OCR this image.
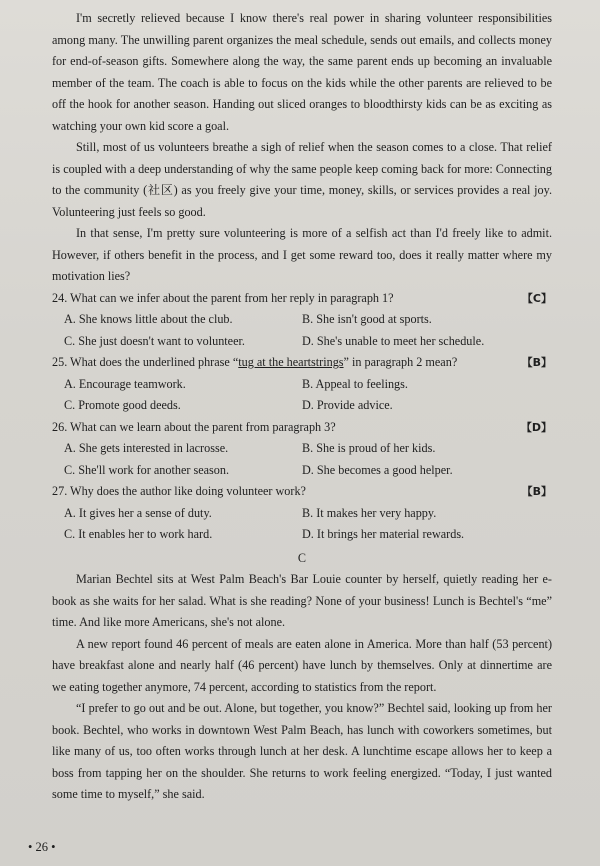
I'm secretly relieved because I know there's real power in sharing volunteer responsibilities among many. The unwilling parent organizes the meal schedule, sends out emails, and collects money for end-of-season gifts. Somewhere along the way, the same parent ends up becoming an invaluable member of the team. The coach is able to focus on the kids while the other parents are relieved to be off the hook for another season. Handing out sliced oranges to bloodthirsty kids can be as exciting as watching your own kid score a goal.

Still, most of us volunteers breathe a sigh of relief when the season comes to a close. That relief is coupled with a deep understanding of why the same people keep coming back for more: Connecting to the community (社区) as you freely give your time, money, skills, or services provides a real joy. Volunteering just feels so good.

In that sense, I'm pretty sure volunteering is more of a selfish act than I'd freely like to admit. However, if others benefit in the process, and I get some reward too, does it really matter where my motivation lies?

24. What can we infer about the parent from her reply in paragraph 1?	【C】
A. She knows little about the club.	B. She isn't good at sports.
C. She just doesn't want to volunteer.	D. She's unable to meet her schedule.
25. What does the underlined phrase “tug at the heartstrings” in paragraph 2 mean?	【B】
A. Encourage teamwork.	B. Appeal to feelings.
C. Promote good deeds.	D. Provide advice.
26. What can we learn about the parent from paragraph 3?	【D】
A. She gets interested in lacrosse.	B. She is proud of her kids.
C. She'll work for another season.	D. She becomes a good helper.
27. Why does the author like doing volunteer work?	【B】
A. It gives her a sense of duty.	B. It makes her very happy.
C. It enables her to work hard.	D. It brings her material rewards.
C

Marian Bechtel sits at West Palm Beach's Bar Louie counter by herself, quietly reading her e-book as she waits for her salad. What is she reading? None of your business! Lunch is Bechtel's “me” time. And like more Americans, she's not alone.

A new report found 46 percent of meals are eaten alone in America. More than half (53 percent) have breakfast alone and nearly half (46 percent) have lunch by themselves. Only at dinnertime are we eating together anymore, 74 percent, according to statistics from the report.

“I prefer to go out and be out. Alone, but together, you know?” Bechtel said, looking up from her book. Bechtel, who works in downtown West Palm Beach, has lunch with coworkers sometimes, but like many of us, too often works through lunch at her desk. A lunchtime escape allows her to keep a boss from tapping her on the shoulder. She returns to work feeling energized. “Today, I just wanted some time to myself,” she said.

• 26 •
